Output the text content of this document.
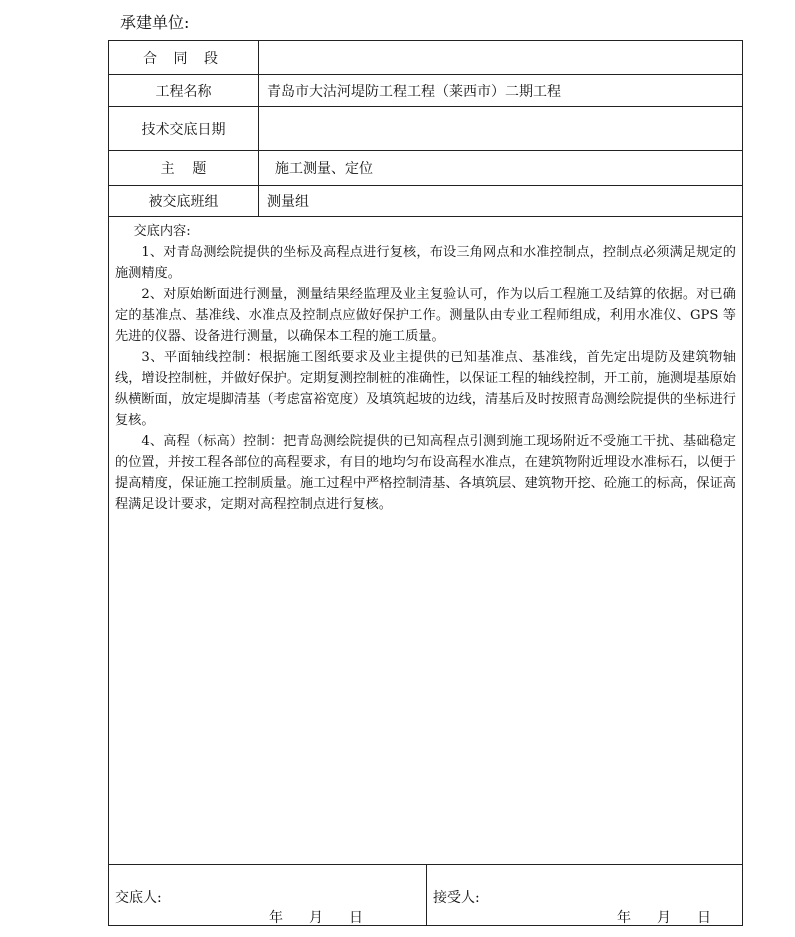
承建单位:
合 同 段
工程名称	青岛市大沽河堤防工程工程（莱西市）二期工程
技术交底日期
主    题	施工测量、定位
被交底班组	测量组

交底内容:

1、对青岛测绘院提供的坐标及高程点进行复核，布设三角网点和水准控制点，控制点必须满足规定的施测精度。

2、对原始断面进行测量，测量结果经监理及业主复验认可，作为以后工程施工及结算的依据。对已确定的基准点、基准线、水准点及控制点应做好保护工作。测量队由专业工程师组成，利用水准仪、GPS 等先进的仪器、设备进行测量，以确保本工程的施工质量。

3、平面轴线控制：根据施工图纸要求及业主提供的已知基准点、基准线，首先定出堤防及建筑物轴线，增设控制桩，并做好保护。定期复测控制桩的准确性，以保证工程的轴线控制，开工前，施测堤基原始纵横断面，放定堤脚清基（考虑富裕宽度）及填筑起坡的边线，清基后及时按照青岛测绘院提供的坐标进行复核。

4、高程（标高）控制：把青岛测绘院提供的已知高程点引测到施工现场附近不受施工干扰、基础稳定的位置，并按工程各部位的高程要求，有目的地均匀布设高程水准点，在建筑物附近埋设水准标石，以便于提高精度，保证施工控制质量。施工过程中严格控制清基、各填筑层、建筑物开挖、砼施工的标高，保证高程满足设计要求，定期对高程控制点进行复核。

交底人:
年 月 日
接受人:
年 月 日
